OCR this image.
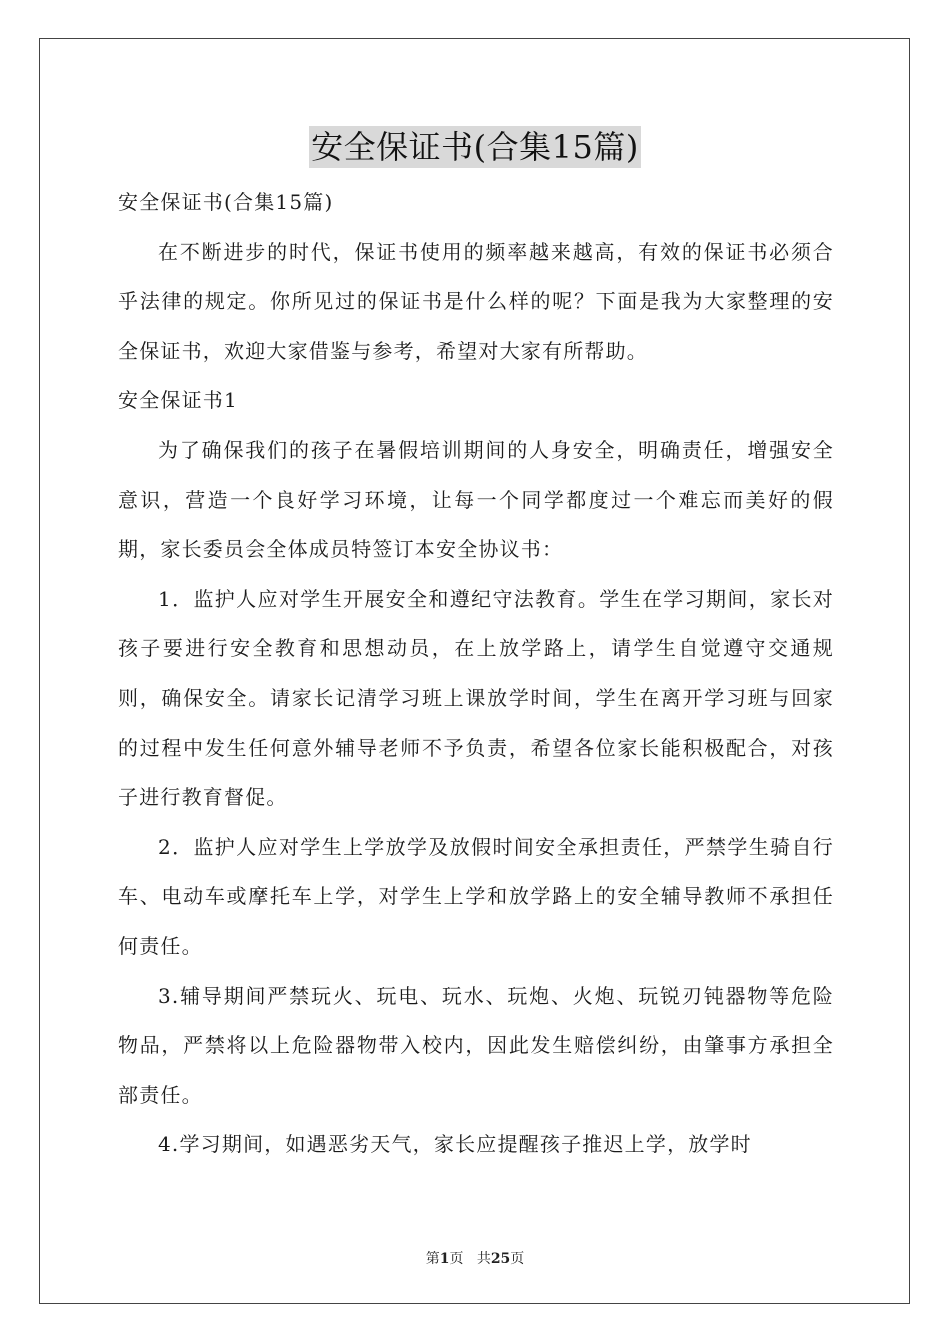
安全保证书(合集15篇)

安全保证书(合集15篇)

在不断进步的时代，保证书使用的频率越来越高，有效的保证书必须合乎法律的规定。你所见过的保证书是什么样的呢？下面是我为大家整理的安全保证书，欢迎大家借鉴与参考，希望对大家有所帮助。

安全保证书1

为了确保我们的孩子在暑假培训期间的人身安全，明确责任，增强安全意识，营造一个良好学习环境，让每一个同学都度过一个难忘而美好的假期，家长委员会全体成员特签订本安全协议书：

1．监护人应对学生开展安全和遵纪守法教育。学生在学习期间，家长对孩子要进行安全教育和思想动员，在上放学路上，请学生自觉遵守交通规则，确保安全。请家长记清学习班上课放学时间，学生在离开学习班与回家的过程中发生任何意外辅导老师不予负责，希望各位家长能积极配合，对孩子进行教育督促。

2．监护人应对学生上学放学及放假时间安全承担责任，严禁学生骑自行车、电动车或摩托车上学，对学生上学和放学路上的安全辅导教师不承担任何责任。

3.辅导期间严禁玩火、玩电、玩水、玩炮、火炮、玩锐刃钝器物等危险物品，严禁将以上危险器物带入校内，因此发生赔偿纠纷，由肇事方承担全部责任。

4.学习期间，如遇恶劣天气，家长应提醒孩子推迟上学，放学时

第1页 共25页
